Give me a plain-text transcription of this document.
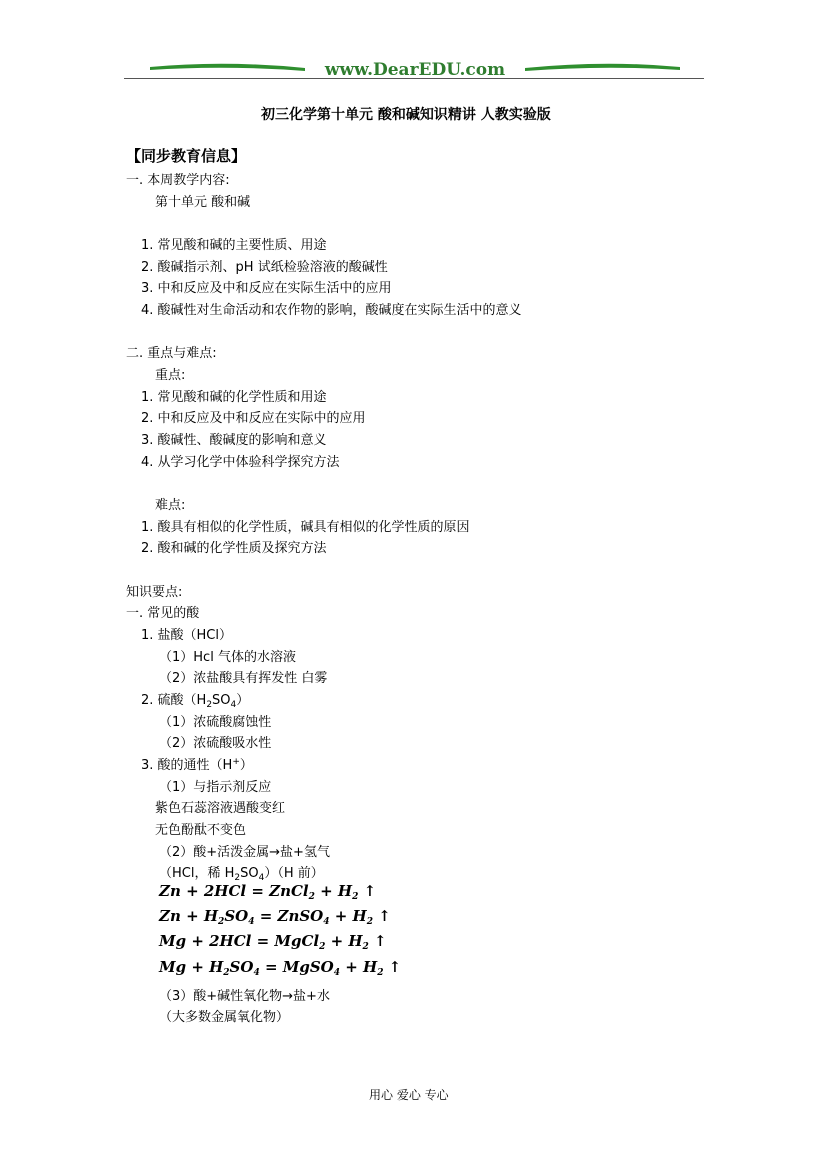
www.DearEDU.com
初三化学第十单元 酸和碱知识精讲 人教实验版
【同步教育信息】
一. 本周教学内容:
第十单元 酸和碱
1. 常见酸和碱的主要性质、用途
2. 酸碱指示剂、pH 试纸检验溶液的酸碱性
3. 中和反应及中和反应在实际生活中的应用
4. 酸碱性对生命活动和农作物的影响，酸碱度在实际生活中的意义
二. 重点与难点:
重点:
1. 常见酸和碱的化学性质和用途
2. 中和反应及中和反应在实际中的应用
3. 酸碱性、酸碱度的影响和意义
4. 从学习化学中体验科学探究方法
难点:
1. 酸具有相似的化学性质，碱具有相似的化学性质的原因
2. 酸和碱的化学性质及探究方法
知识要点:
一. 常见的酸
1. 盐酸（HCl）
（1）Hcl 气体的水溶液
（2）浓盐酸具有挥发性 白雾
2. 硫酸$(H_2SO_4)$
（1）浓硫酸腐蚀性
（2）浓硫酸吸水性
3. 酸的通性（H+）
（1）与指示剂反应
紫色石蕊溶液遇酸变红
无色酚酞不变色
（2）酸+活泼金属→盐+氢气
（HCl，稀 $H_2SO_4)(H$ 前）
Zn + 2HCl = ZnCl$_2$ + $H_2$ ↑
$Zn + H_2SO_4$ = ZnSO$_4$ + $H_2$ ↑
Mg + 2HCl = MgCl$_2$ + $H_2$ ↑
$Mg + H_2SO_4$ = MgSO$_4$ + $H_2$ ↑
（3）酸+碱性氧化物→盐+水
（大多数金属氧化物）
用心 爱心 专心
